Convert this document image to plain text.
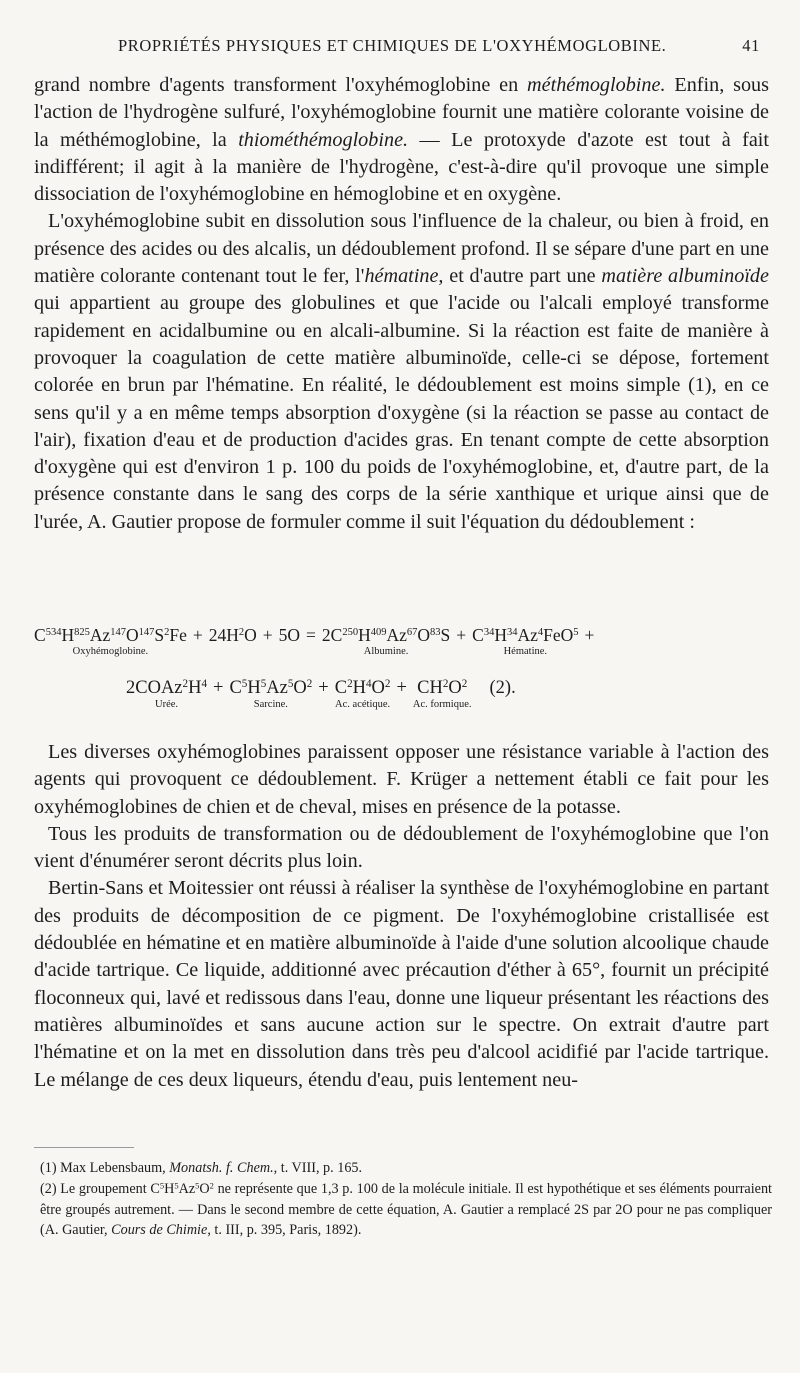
PROPRIÉTÉS PHYSIQUES ET CHIMIQUES DE L'OXYHÉMOGLOBINE.	41

grand nombre d'agents transforment l'oxyhémoglobine en méthémoglobine. Enfin, sous l'action de l'hydrogène sulfuré, l'oxyhémoglobine fournit une matière colorante voisine de la méthémoglobine, la thiométhémoglobine. — Le protoxyde d'azote est tout à fait indifférent; il agit à la manière de l'hydrogène, c'est-à-dire qu'il provoque une simple dissociation de l'oxyhémoglobine en hémoglobine et en oxygène.

L'oxyhémoglobine subit en dissolution sous l'influence de la chaleur, ou bien à froid, en présence des acides ou des alcalis, un dédoublement profond. Il se sépare d'une part en une matière colorante contenant tout le fer, l'hématine, et d'autre part une matière albuminoïde qui appartient au groupe des globulines et que l'acide ou l'alcali employé transforme rapidement en acidalbumine ou en alcali-albumine. Si la réaction est faite de manière à provoquer la coagulation de cette matière albuminoïde, celle-ci se dépose, fortement colorée en brun par l'hématine. En réalité, le dédoublement est moins simple (1), en ce sens qu'il y a en même temps absorption d'oxygène (si la réaction se passe au contact de l'air), fixation d'eau et de production d'acides gras. En tenant compte de cette absorption d'oxygène qui est d'environ 1 p. 100 du poids de l'oxyhémoglobine, et, d'autre part, de la présence constante dans le sang des corps de la série xanthique et urique ainsi que de l'urée, A. Gautier propose de formuler comme il suit l'équation du dédoublement :

$C^{534}H^{825}Az^{147}O^{147}S^2Fe$
Oxyhémoglobine.
+ $24H^2O + 5O = 2C^{250}H^{409}Az^{67}O^{83}S$
Albumine.
+ $C^{34}H^{34}Az^4FeO^5$
Hématine.
+
$2COAz^2H^4$
Urée.
+ $C^5H^5Az^5O^2$
Sarcine.
+ $C^2H^4O^2$
Ac. acétique.
+ $CH^2O^2$
Ac. formique.
(2).

Les diverses oxyhémoglobines paraissent opposer une résistance variable à l'action des agents qui provoquent ce dédoublement. F. Krüger a nettement établi ce fait pour les oxyhémoglobines de chien et de cheval, mises en présence de la potasse.

Tous les produits de transformation ou de dédoublement de l'oxyhémoglobine que l'on vient d'énumérer seront décrits plus loin.

Bertin-Sans et Moitessier ont réussi à réaliser la synthèse de l'oxyhémoglobine en partant des produits de décomposition de ce pigment. De l'oxyhémoglobine cristallisée est dédoublée en hématine et en matière albuminoïde à l'aide d'une solution alcoolique chaude d'acide tartrique. Ce liquide, additionné avec précaution d'éther à 65°, fournit un précipité floconneux qui, lavé et redissous dans l'eau, donne une liqueur présentant les réactions des matières albuminoïdes et sans aucune action sur le spectre. On extrait d'autre part l'hématine et on la met en dissolution dans très peu d'alcool acidifié par l'acide tartrique. Le mélange de ces deux liqueurs, étendu d'eau, puis lentement neu-

(1) Max Lebensbaum, Monatsh. f. Chem., t. VIII, p. 165.

(2) Le groupement $C^5H^5Az^5O^2$ ne représente que 1,3 p. 100 de la molécule initiale. Il est hypothétique et ses éléments pourraient être groupés autrement. — Dans le second membre de cette équation, A. Gautier a remplacé 2S par 2O pour ne pas compliquer (A. Gautier, Cours de Chimie, t. III, p. 395, Paris, 1892).
